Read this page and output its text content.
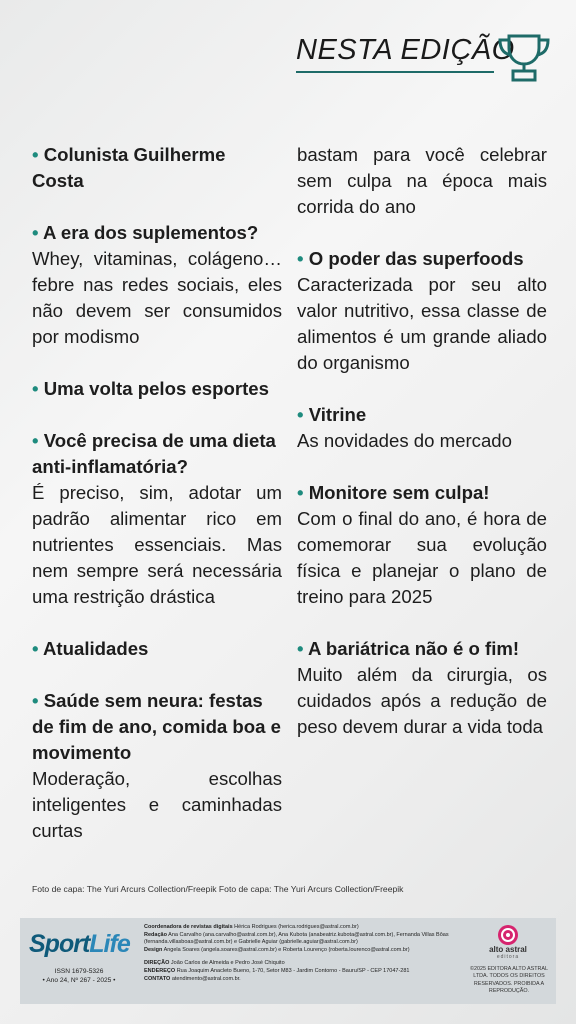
NESTA EDIÇÃO
• Colunista Guilherme Costa
• A era dos suplementos?
Whey, vitaminas, colágeno… febre nas redes sociais, eles não devem ser consumidos por modismo
• Uma volta pelos esportes
• Você precisa de uma dieta anti-inflamatória?
É preciso, sim, adotar um padrão alimentar rico em nutrientes essenciais. Mas nem sempre será necessária uma restrição drástica
• Atualidades
• Saúde sem neura: festas de fim de ano, comida boa e movimento
Moderação, escolhas inteligentes e caminhadas curtas
bastam para você celebrar sem culpa na época mais corrida do ano
• O poder das superfoods
Caracterizada por seu alto valor nutritivo, essa classe de alimentos é um grande aliado do organismo
• Vitrine
As novidades do mercado
• Monitore sem culpa!
Com o final do ano, é hora de comemorar sua evolução física e planejar o plano de treino para 2025
• A bariátrica não é o fim!
Muito além da cirurgia, os cuidados após a redução de peso devem durar a vida toda
Foto de capa: The Yuri Arcurs Collection/Freepik Foto de capa: The Yuri Arcurs Collection/Freepik
SportLife
ISSN 1679-5326
• Ano 24, Nº 267 - 2025 •
Coordenadora de revistas digitais Hérica Rodrigues (herica.rodrigues@astral.com.br)
Redação Ana Carvalho (ana.carvalho@astral.com.br), Ana Kubota (anabeatriz.kubota@astral.com.br), Fernanda Villas Bôas (fernanda.villasboas@astral.com.br) e Gabrielle Aguiar (gabrielle.aguiar@astral.com.br)
Design Angela Soares (angela.soares@astral.com.br) e Roberta Lourenço (roberta.lourenco@astral.com.br)
DIREÇÃO João Carlos de Almeida e Pedro José Chiquito
ENDEREÇO Rua Joaquim Anacleto Bueno, 1-70, Setor M83 - Jardim Contorno - Bauru/SP - CEP 17047-281
CONTATO atendimento@astral.com.br.
alto astral
editora
©2025 EDITORA ALTO ASTRAL LTDA. TODOS OS DIREITOS RESERVADOS. PROIBIDA A REPRODUÇÃO.
